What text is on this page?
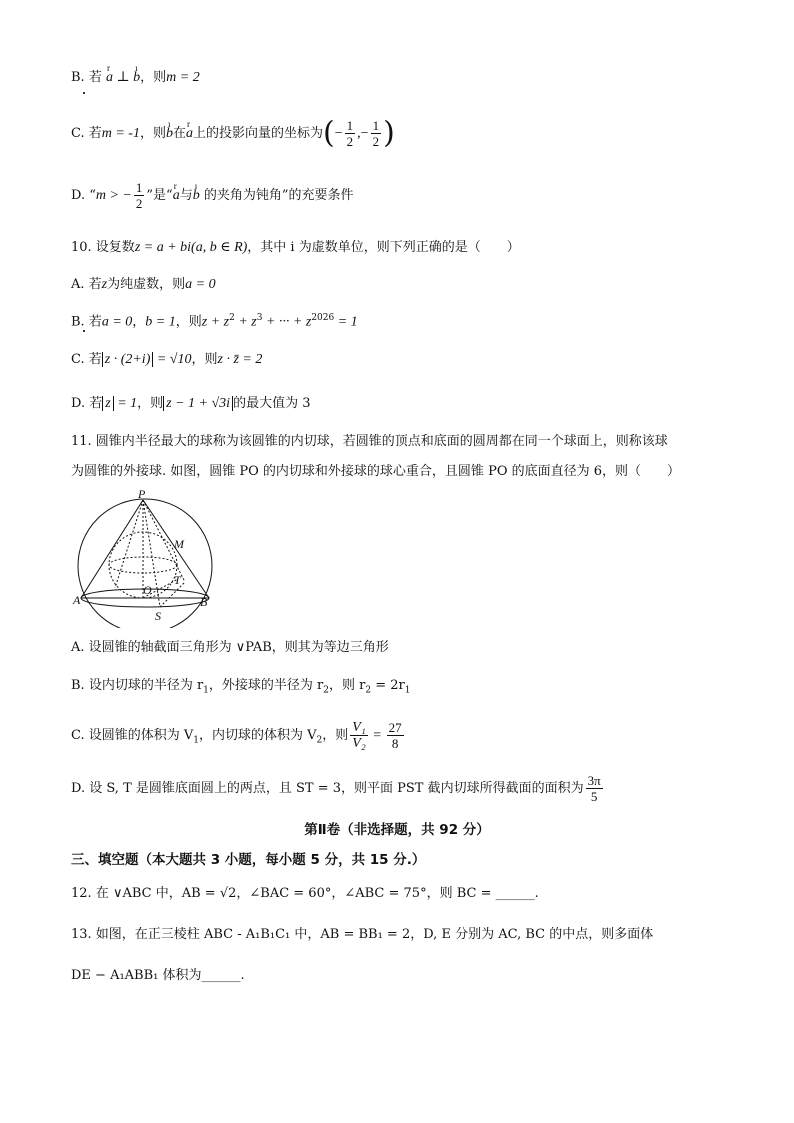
B. 若 r a ⊥ ı b，则m = 2
C. 若m = -1，则ı b在r a上的投影向量的坐标为(− $\frac{1}{2}$ ,− $\frac{1}{2}$ )
D. “m > − $\frac{1}{2}$ ”是“r a与ı b 的夹角为钝角”的充要条件
10. 设复数z = a + bi(a, b ∈ R)，其中 i 为虚数单位，则下列正确的是（　　）
A. 若z为纯虚数，则a = 0
B. 若a = 0，b = 1，则$z + z^2 + z^3$ + ··· + $z^{2026} = 1$
C. 若 z · (2+i) = √10，则z · z̄ = 2
D. 若 z = 1，则 z − 1 + √3i 的最大值为 3
11. 圆锥内半径最大的球称为该圆锥的内切球，若圆锥的顶点和底面的圆周都在同一个球面上，则称该球
为圆锥的外接球. 如图，圆锥 PO 的内切球和外接球的球心重合，且圆锥 PO 的底面直径为 6，则（　　）
P
M
T
O
A	B
S
A. 设圆锥的轴截面三角形为 ∨PAB，则其为等边三角形
B. 设内切球的半径为 $r_1$，外接球的半径为 $r_2$，则 $r_2 = 2r_1$
C. 设圆锥的体积为 $V_1$，内切球的体积为 $V_2$，则 $\frac{\text{V₁}}{\text{V₂}} = \frac{27}{8}$
D. 设 S, T 是圆锥底面圆上的两点，且 ST = 3，则平面 PST 截内切球所得截面的面积为 $\frac{3\pi}{5}$
第Ⅱ卷（非选择题，共 92 分）
三、填空题（本大题共 3 小题，每小题 5 分，共 15 分.）
12. 在 ∨ABC 中，AB = √2，∠BAC = 60°，∠ABC = 75°，则 BC = ______.
13. 如图，在正三棱柱 ABC - A₁B₁C₁ 中，AB = BB₁ = 2，D, E 分别为 AC, BC 的中点，则多面体
DE − A₁ABB₁ 体积为______.
